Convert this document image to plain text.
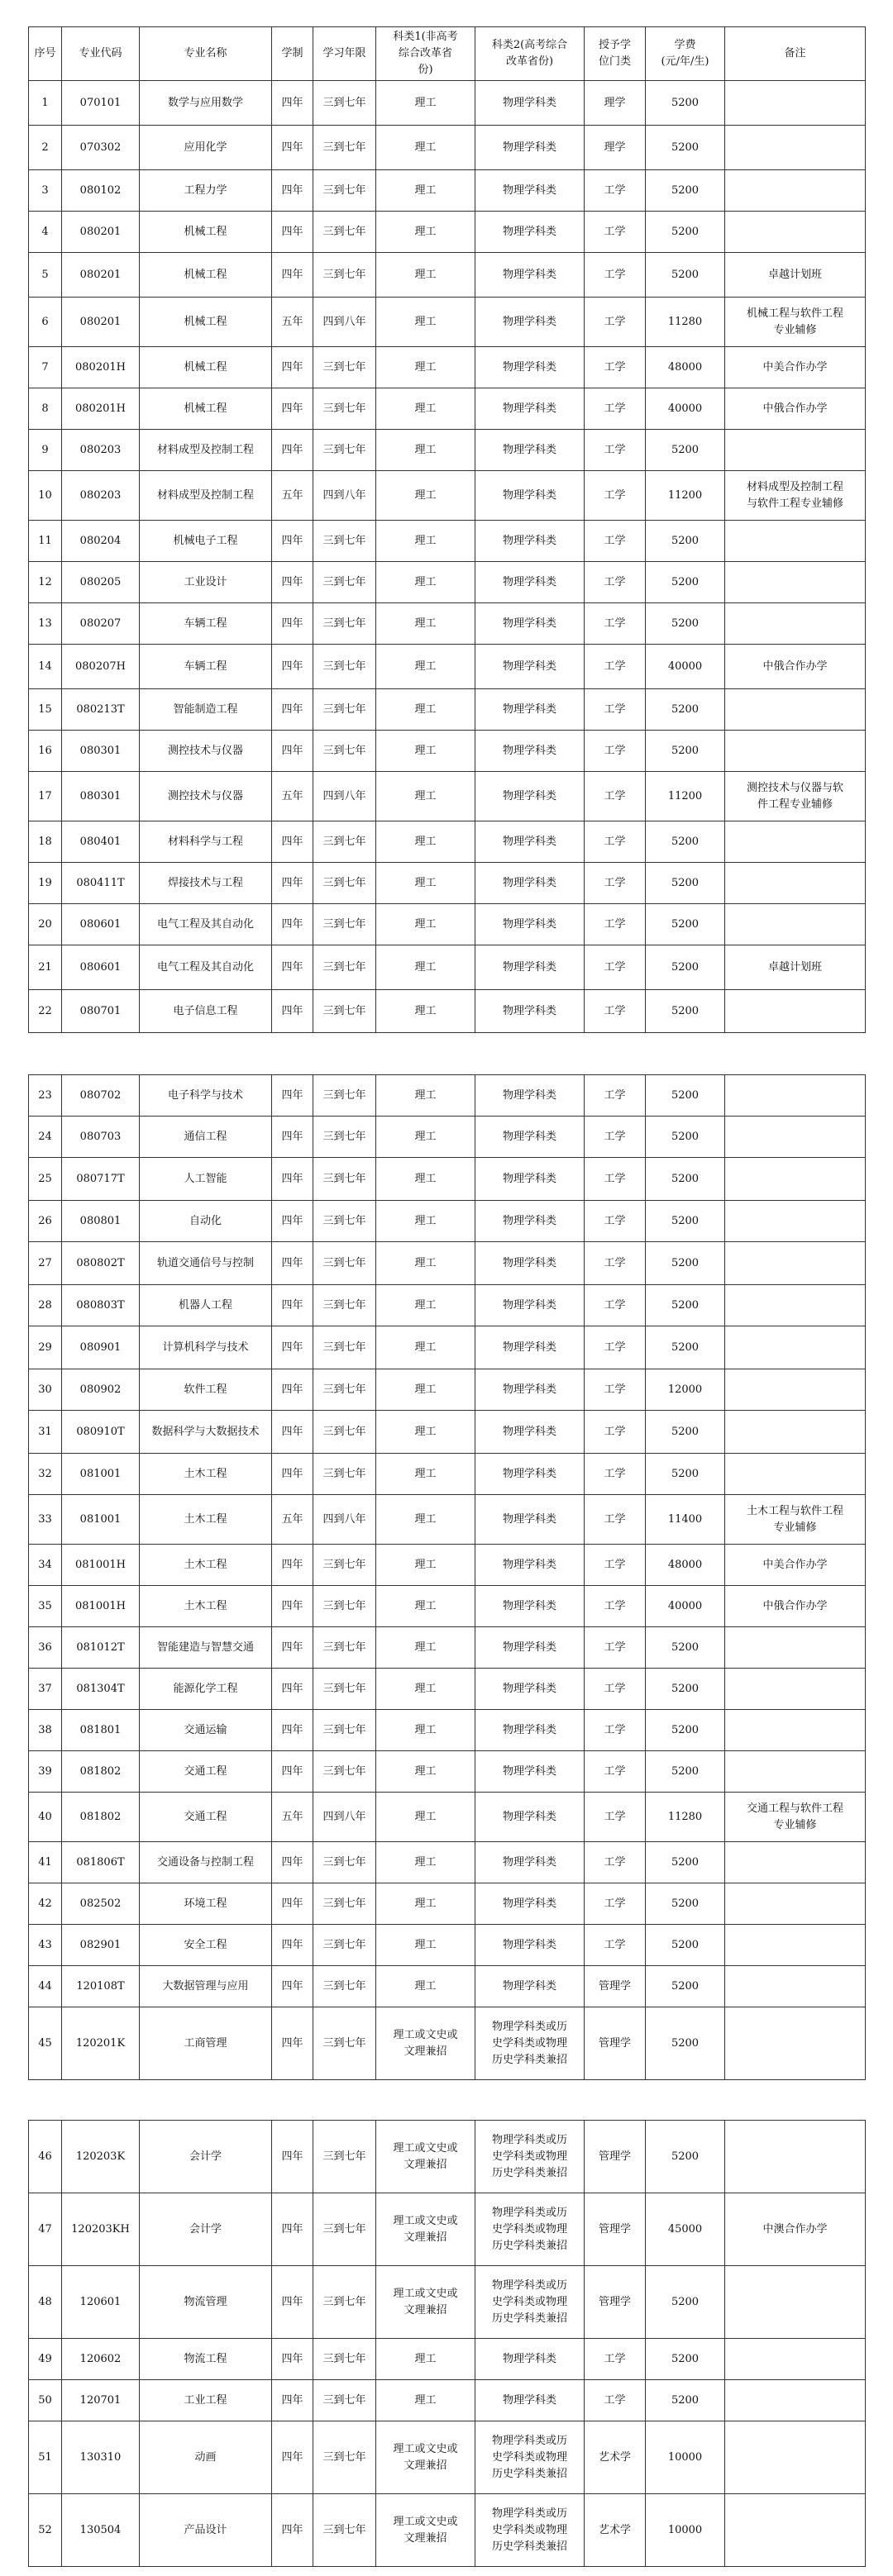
序号	专业代码	专业名称	学制	学习年限	科类1(非高考
综合改革省
份)	科类2(高考综合
改革省份)	授予学
位门类	学费
(元/年/生)	备注
1	070101	数学与应用数学	四年	三到七年	理工	物理学科类	理学	5200	
2	070302	应用化学	四年	三到七年	理工	物理学科类	理学	5200	
3	080102	工程力学	四年	三到七年	理工	物理学科类	工学	5200	
4	080201	机械工程	四年	三到七年	理工	物理学科类	工学	5200	
5	080201	机械工程	四年	三到七年	理工	物理学科类	工学	5200	卓越计划班
6	080201	机械工程	五年	四到八年	理工	物理学科类	工学	11280	机械工程与软件工程
专业辅修
7	080201H	机械工程	四年	三到七年	理工	物理学科类	工学	48000	中美合作办学
8	080201H	机械工程	四年	三到七年	理工	物理学科类	工学	40000	中俄合作办学
9	080203	材料成型及控制工程	四年	三到七年	理工	物理学科类	工学	5200	
10	080203	材料成型及控制工程	五年	四到八年	理工	物理学科类	工学	11200	材料成型及控制工程
与软件工程专业辅修
11	080204	机械电子工程	四年	三到七年	理工	物理学科类	工学	5200	
12	080205	工业设计	四年	三到七年	理工	物理学科类	工学	5200	
13	080207	车辆工程	四年	三到七年	理工	物理学科类	工学	5200	
14	080207H	车辆工程	四年	三到七年	理工	物理学科类	工学	40000	中俄合作办学
15	080213T	智能制造工程	四年	三到七年	理工	物理学科类	工学	5200	
16	080301	测控技术与仪器	四年	三到七年	理工	物理学科类	工学	5200	
17	080301	测控技术与仪器	五年	四到八年	理工	物理学科类	工学	11200	测控技术与仪器与软
件工程专业辅修
18	080401	材料科学与工程	四年	三到七年	理工	物理学科类	工学	5200	
19	080411T	焊接技术与工程	四年	三到七年	理工	物理学科类	工学	5200	
20	080601	电气工程及其自动化	四年	三到七年	理工	物理学科类	工学	5200	
21	080601	电气工程及其自动化	四年	三到七年	理工	物理学科类	工学	5200	卓越计划班
22	080701	电子信息工程	四年	三到七年	理工	物理学科类	工学	5200	
23	080702	电子科学与技术	四年	三到七年	理工	物理学科类	工学	5200	
24	080703	通信工程	四年	三到七年	理工	物理学科类	工学	5200	
25	080717T	人工智能	四年	三到七年	理工	物理学科类	工学	5200	
26	080801	自动化	四年	三到七年	理工	物理学科类	工学	5200	
27	080802T	轨道交通信号与控制	四年	三到七年	理工	物理学科类	工学	5200	
28	080803T	机器人工程	四年	三到七年	理工	物理学科类	工学	5200	
29	080901	计算机科学与技术	四年	三到七年	理工	物理学科类	工学	5200	
30	080902	软件工程	四年	三到七年	理工	物理学科类	工学	12000	
31	080910T	数据科学与大数据技术	四年	三到七年	理工	物理学科类	工学	5200	
32	081001	土木工程	四年	三到七年	理工	物理学科类	工学	5200	
33	081001	土木工程	五年	四到八年	理工	物理学科类	工学	11400	土木工程与软件工程
专业辅修
34	081001H	土木工程	四年	三到七年	理工	物理学科类	工学	48000	中美合作办学
35	081001H	土木工程	四年	三到七年	理工	物理学科类	工学	40000	中俄合作办学
36	081012T	智能建造与智慧交通	四年	三到七年	理工	物理学科类	工学	5200	
37	081304T	能源化学工程	四年	三到七年	理工	物理学科类	工学	5200	
38	081801	交通运输	四年	三到七年	理工	物理学科类	工学	5200	
39	081802	交通工程	四年	三到七年	理工	物理学科类	工学	5200	
40	081802	交通工程	五年	四到八年	理工	物理学科类	工学	11280	交通工程与软件工程
专业辅修
41	081806T	交通设备与控制工程	四年	三到七年	理工	物理学科类	工学	5200	
42	082502	环境工程	四年	三到七年	理工	物理学科类	工学	5200	
43	082901	安全工程	四年	三到七年	理工	物理学科类	工学	5200	
44	120108T	大数据管理与应用	四年	三到七年	理工	物理学科类	管理学	5200	
45	120201K	工商管理	四年	三到七年	理工或文史或
文理兼招	物理学科类或历
史学科类或物理
历史学科类兼招	管理学	5200	
46	120203K	会计学	四年	三到七年	理工或文史或
文理兼招	物理学科类或历
史学科类或物理
历史学科类兼招	管理学	5200	
47	120203KH	会计学	四年	三到七年	理工或文史或
文理兼招	物理学科类或历
史学科类或物理
历史学科类兼招	管理学	45000	中澳合作办学
48	120601	物流管理	四年	三到七年	理工或文史或
文理兼招	物理学科类或历
史学科类或物理
历史学科类兼招	管理学	5200	
49	120602	物流工程	四年	三到七年	理工	物理学科类	工学	5200	
50	120701	工业工程	四年	三到七年	理工	物理学科类	工学	5200	
51	130310	动画	四年	三到七年	理工或文史或
文理兼招	物理学科类或历
史学科类或物理
历史学科类兼招	艺术学	10000	
52	130504	产品设计	四年	三到七年	理工或文史或
文理兼招	物理学科类或历
史学科类或物理
历史学科类兼招	艺术学	10000	
